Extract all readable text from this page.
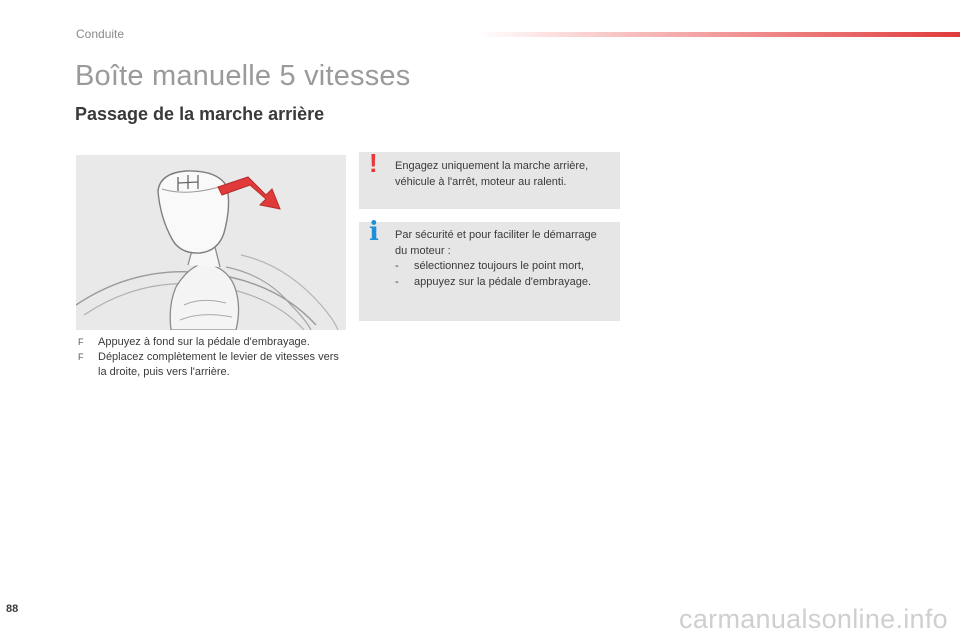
Conduite
Boîte manuelle 5 vitesses
Passage de la marche arrière
F Appuyez à fond sur la pédale d'embrayage.
F Déplacez complètement le levier de vitesses vers la droite, puis vers l'arrière.
! Engagez uniquement la marche arrière, véhicule à l'arrêt, moteur au ralenti.
i Par sécurité et pour faciliter le démarrage du moteur :
- sélectionnez toujours le point mort,
- appuyez sur la pédale d'embrayage.
88	carmanualsonline.info
